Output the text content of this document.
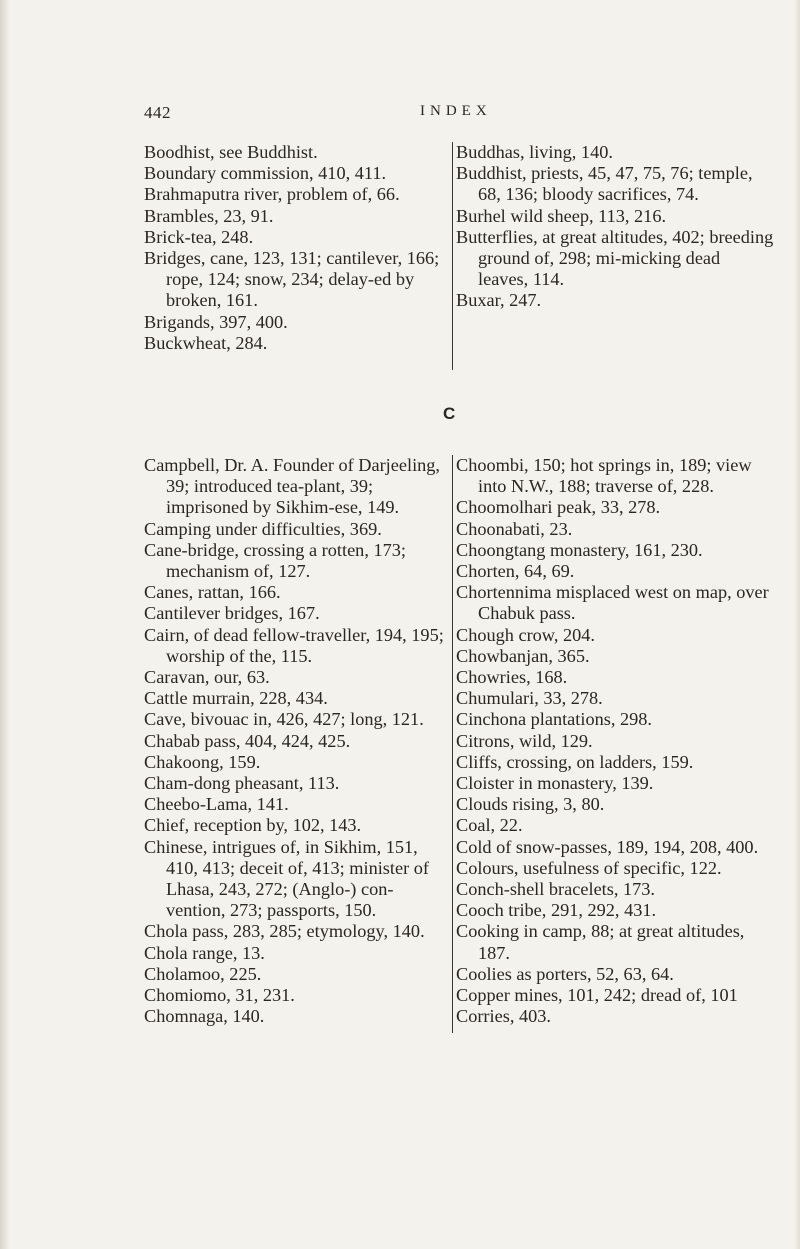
442	INDEX

Boodhist, see Buddhist.

Boundary commission, 410, 411.

Brahmaputra river, problem of, 66.

Brambles, 23, 91.

Brick-tea, 248.

Bridges, cane, 123, 131; cantilever, 166; rope, 124; snow, 234; delay-ed by broken, 161.

Brigands, 397, 400.

Buckwheat, 284.

Buddhas, living, 140.

Buddhist, priests, 45, 47, 75, 76; temple, 68, 136; bloody sacrifices, 74.

Burhel wild sheep, 113, 216.

Butterflies, at great altitudes, 402; breeding ground of, 298; mi-micking dead leaves, 114.

Buxar, 247.

C

Campbell, Dr. A. Founder of Darjeeling, 39; introduced tea-plant, 39; imprisoned by Sikhim-ese, 149.

Camping under difficulties, 369.

Cane-bridge, crossing a rotten, 173; mechanism of, 127.

Canes, rattan, 166.

Cantilever bridges, 167.

Cairn, of dead fellow-traveller, 194, 195; worship of the, 115.

Caravan, our, 63.

Cattle murrain, 228, 434.

Cave, bivouac in, 426, 427; long, 121.

Chabab pass, 404, 424, 425.

Chakoong, 159.

Cham-dong pheasant, 113.

Cheebo-Lama, 141.

Chief, reception by, 102, 143.

Chinese, intrigues of, in Sikhim, 151, 410, 413; deceit of, 413; minister of Lhasa, 243, 272; (Anglo-) con-vention, 273; passports, 150.

Chola pass, 283, 285; etymology, 140.

Chola range, 13.

Cholamoo, 225.

Chomiomo, 31, 231.

Chomnaga, 140.

Choombi, 150; hot springs in, 189; view into N.W., 188; traverse of, 228.

Choomolhari peak, 33, 278.

Choonabati, 23.

Choongtang monastery, 161, 230.

Chorten, 64, 69.

Chortennima misplaced west on map, over Chabuk pass.

Chough crow, 204.

Chowbanjan, 365.

Chowries, 168.

Chumulari, 33, 278.

Cinchona plantations, 298.

Citrons, wild, 129.

Cliffs, crossing, on ladders, 159.

Cloister in monastery, 139.

Clouds rising, 3, 80.

Coal, 22.

Cold of snow-passes, 189, 194, 208, 400.

Colours, usefulness of specific, 122.

Conch-shell bracelets, 173.

Cooch tribe, 291, 292, 431.

Cooking in camp, 88; at great altitudes, 187.

Coolies as porters, 52, 63, 64.

Copper mines, 101, 242; dread of, 101

Corries, 403.
